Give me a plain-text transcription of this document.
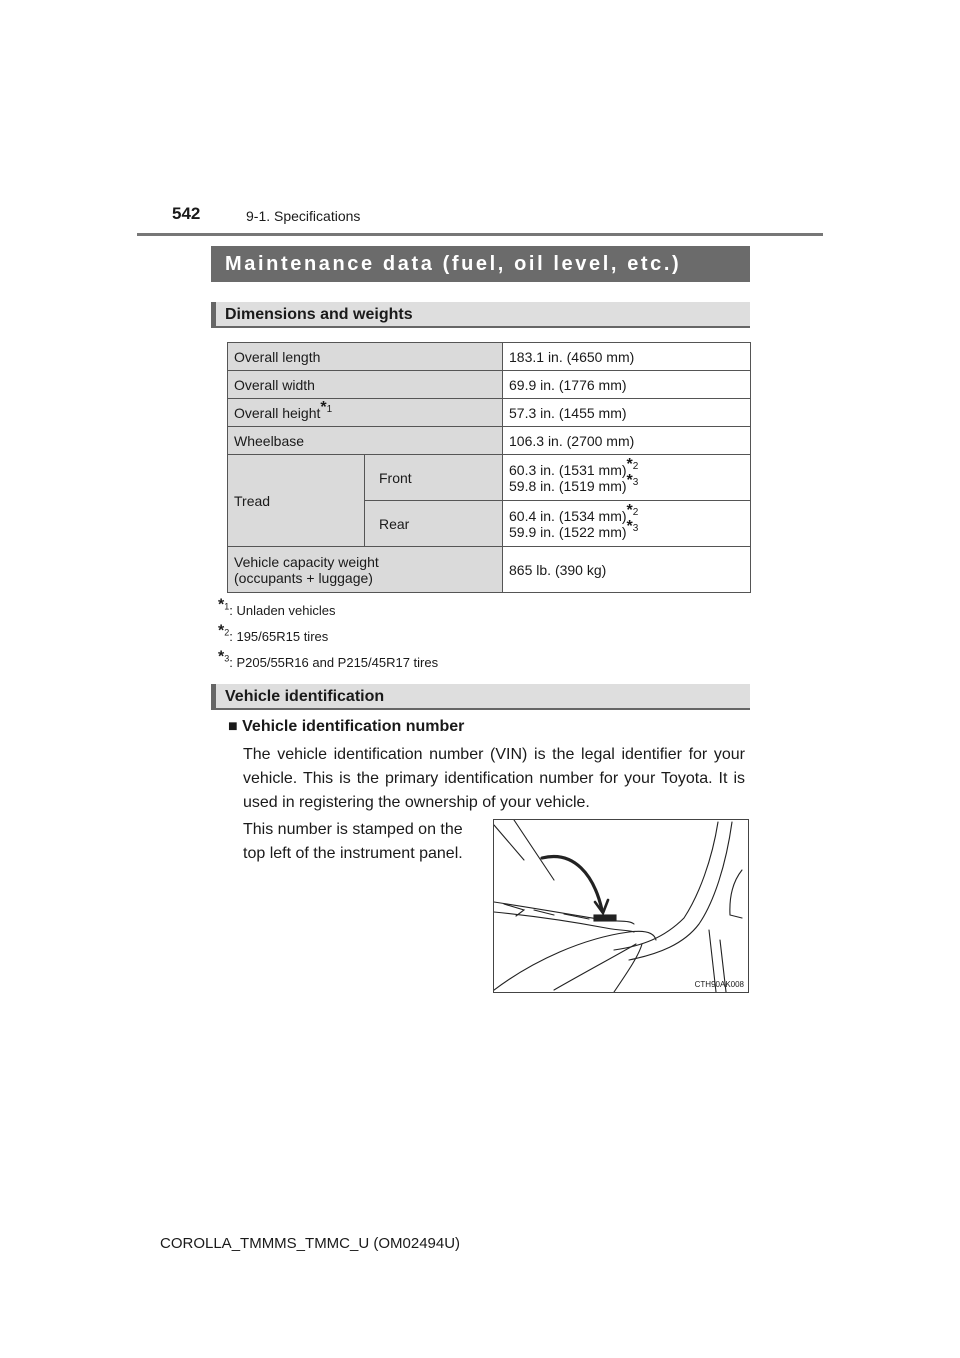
542	9-1. Specifications
Maintenance data (fuel, oil level, etc.)
Dimensions and weights
Overall length		183.1 in. (4650 mm)
Overall width		69.9 in. (1776 mm)
Overall height$^{*1}$		57.3 in. (1455 mm)
Wheelbase		106.3 in. (2700 mm)
Tread	Front	60.3 in. (1531 mm)$^{*2}$
59.8 in. (1519 mm)$^{*3}$
	Rear	60.4 in. (1534 mm)$^{*2}$
59.9 in. (1522 mm)$^{*3}$
Vehicle capacity weight
(occupants + luggage)		865 lb. (390 kg)
$^{*1}$: Unladen vehicles
$^{*2}$: 195/65R15 tires
$^{*3}$: P205/55R16 and P215/45R17 tires
Vehicle identification
■ Vehicle identification number
The vehicle identification number (VIN) is the legal identifier for your vehicle. This is the primary identification number for your Toyota. It is used in registering the ownership of your vehicle.
This number is stamped on the top left of the instrument panel.
CTH90AK008
COROLLA_TMMMS_TMMC_U (OM02494U)
